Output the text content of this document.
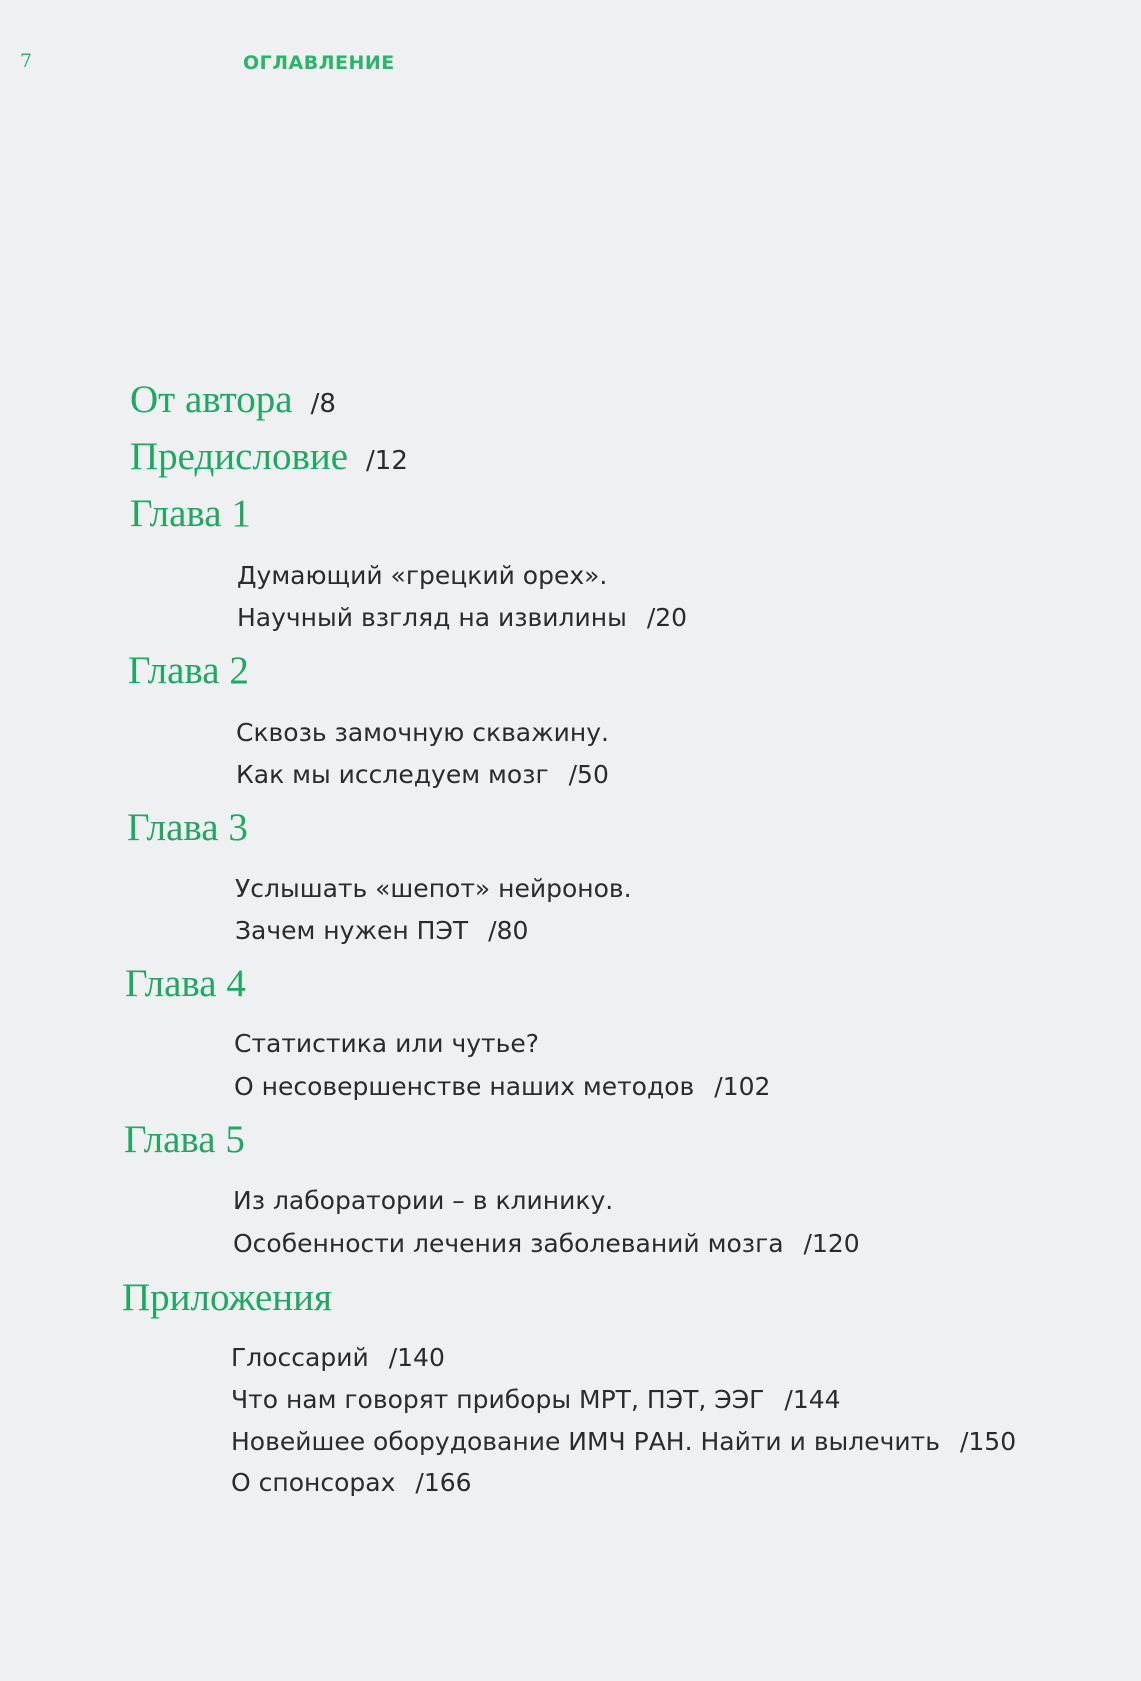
7	ОГЛАВЛЕНИЕ
От автора /8
Предисловие /12
Глава 1
Думающий «грецкий орех».
Научный взгляд на извилины /20
Глава 2
Сквозь замочную скважину.
Как мы исследуем мозг /50
Глава 3
Услышать «шепот» нейронов.
Зачем нужен ПЭТ /80
Глава 4
Статистика или чутье?
О несовершенстве наших методов /102
Глава 5
Из лаборатории – в клинику.
Особенности лечения заболеваний мозга /120
Приложения
Глоссарий /140
Что нам говорят приборы МРТ, ПЭТ, ЭЭГ /144
Новейшее оборудование ИМЧ РАН. Найти и вылечить /150
О спонсорах /166
